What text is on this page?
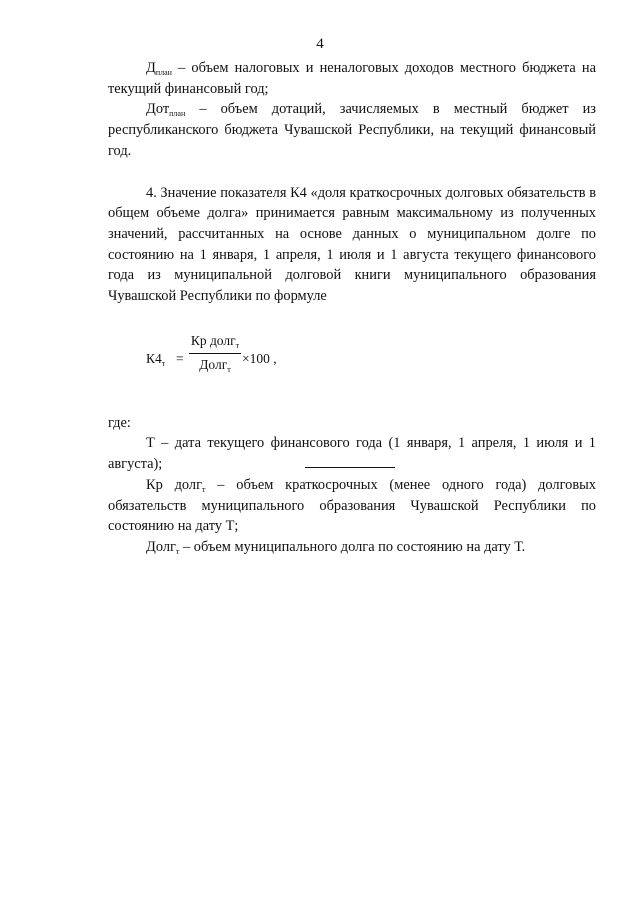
4

$Д_{план}$ – объем налоговых и неналоговых доходов местного бюджета на текущий финансовый год;

Дот$_{план}$ – объем дотаций, зачисляемых в местный бюджет из республиканского бюджета Чувашской Республики, на текущий финансовый год.

4. Значение показателя К4 «доля краткосрочных долговых обязательств в общем объеме долга» принимается равным максимальному из полученных значений, рассчитанных на основе данных о муниципальном долге по состоянию на 1 января, 1 апреля, 1 июля и 1 августа текущего финансового года из муниципальной долговой книги муниципального образования Чувашской Республики по формуле

$К4_т$ =
Кр долг$_т$
Долг$_т$
×100 ,

где:

Т – дата текущего финансового года (1 января, 1 апреля, 1 июля и 1 августа);

Кр долг$_т$ – объем краткосрочных (менее одного года) долговых обязательств муниципального образования Чувашской Республики по состоянию на дату Т;

Долг$_т$ – объем муниципального долга по состоянию на дату Т.
